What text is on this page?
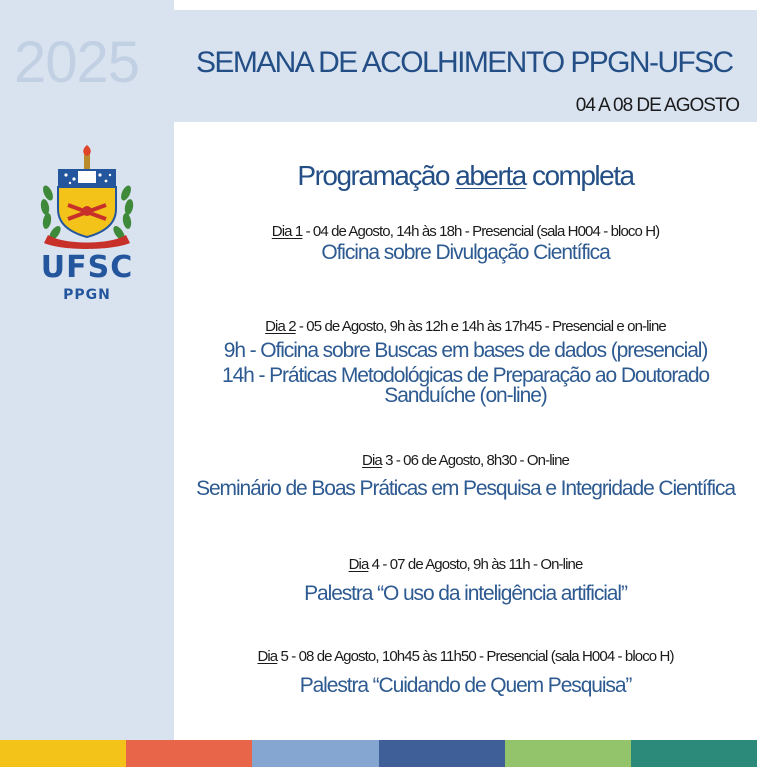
2025
UFSC
PPGN
SEMANA DE ACOLHIMENTO PPGN-UFSC
04 A 08 DE AGOSTO
Programação aberta completa
Dia 1 - 04 de Agosto, 14h às 18h - Presencial (sala H004 - bloco H)
Oficina sobre Divulgação Científica
Dia 2 - 05 de Agosto, 9h às 12h e 14h às 17h45 - Presencial e on-line
9h - Oficina sobre Buscas em bases de dados (presencial)
14h - Práticas Metodológicas de Preparação ao Doutorado Sanduíche (on-line)
Dia 3 - 06 de Agosto, 8h30 - On-line
Seminário de Boas Práticas em Pesquisa e Integridade Científica
Dia 4 - 07 de Agosto, 9h às 11h - On-line
Palestra “O uso da inteligência artificial”
Dia 5 - 08 de Agosto, 10h45 às 11h50 - Presencial (sala H004 - bloco H)
Palestra “Cuidando de Quem Pesquisa”
